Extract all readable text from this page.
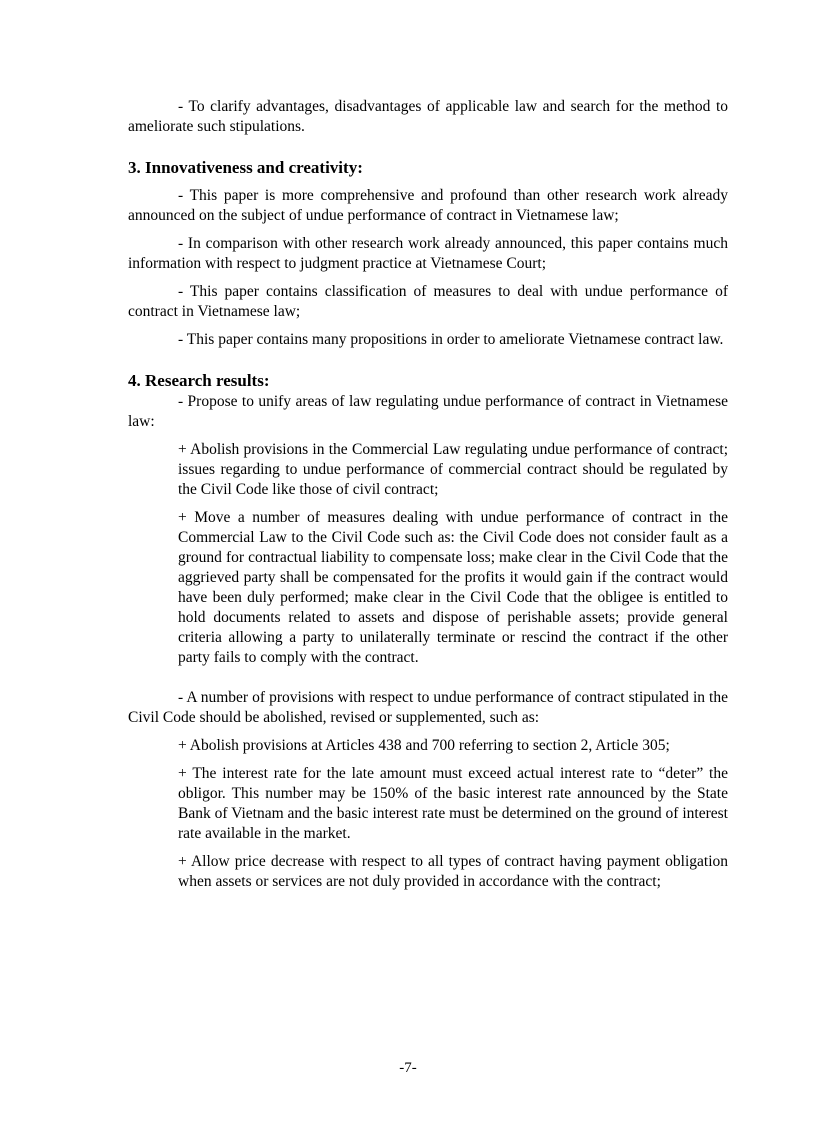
- To clarify advantages, disadvantages of applicable law and search for the method to ameliorate such stipulations.

3. Innovativeness and creativity:

- This paper is more comprehensive and profound than other research work already announced on the subject of undue performance of contract in Vietnamese law;

- In comparison with other research work already announced, this paper contains much information with respect to judgment practice at Vietnamese Court;

- This paper contains classification of measures to deal with undue performance of contract in Vietnamese law;

- This paper contains many propositions in order to ameliorate Vietnamese contract law.

4. Research results:

- Propose to unify areas of law regulating undue performance of contract in Vietnamese law:

+ Abolish provisions in the Commercial Law regulating undue performance of contract; issues regarding to undue performance of commercial contract should be regulated by the Civil Code like those of civil contract;

+ Move a number of measures dealing with undue performance of contract in the Commercial Law to the Civil Code such as: the Civil Code does not consider fault as a ground for contractual liability to compensate loss; make clear in the Civil Code that the aggrieved party shall be compensated for the profits it would gain if the contract would have been duly performed; make clear in the Civil Code that the obligee is entitled to hold documents related to assets and dispose of perishable assets; provide general criteria allowing a party to unilaterally terminate or rescind the contract if the other party fails to comply with the contract.

- A number of provisions with respect to undue performance of contract stipulated in the Civil Code should be abolished, revised or supplemented, such as:

+ Abolish provisions at Articles 438 and 700 referring to section 2, Article 305;

+ The interest rate for the late amount must exceed actual interest rate to “deter” the obligor. This number may be 150% of the basic interest rate announced by the State Bank of Vietnam and the basic interest rate must be determined on the ground of interest rate available in the market.

+ Allow price decrease with respect to all types of contract having payment obligation when assets or services are not duly provided in accordance with the contract;

-7-
